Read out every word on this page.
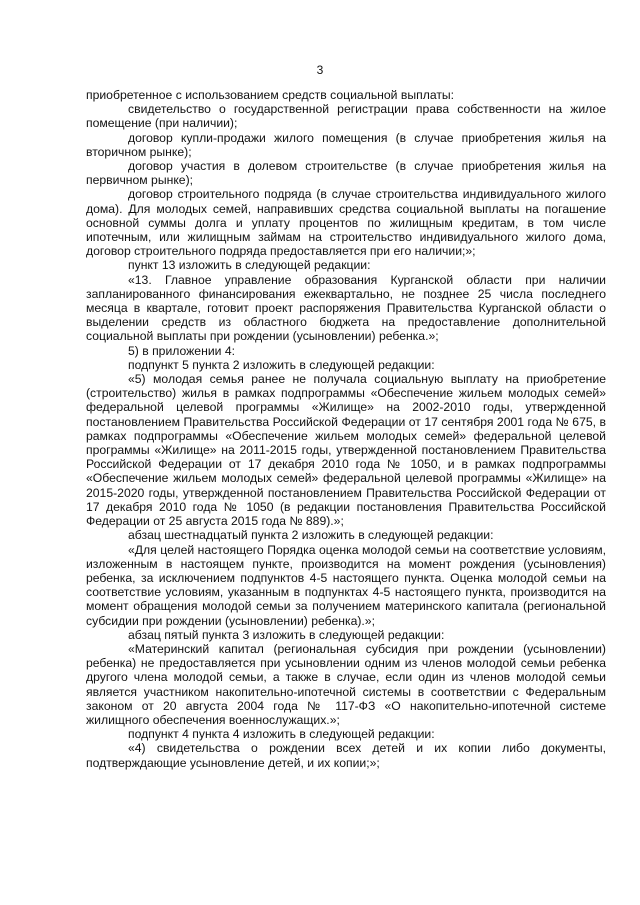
3

приобретенное с использованием средств социальной выплаты:

свидетельство о государственной регистрации права собственности на жилое помещение (при наличии);

договор купли-продажи жилого помещения (в случае приобретения жилья на вторичном рынке);

договор участия в долевом строительстве (в случае приобретения жилья на первичном рынке);

договор строительного подряда (в случае строительства индивидуального жилого дома). Для молодых семей, направивших средства социальной выплаты на погашение основной суммы долга и уплату процентов по жилищным кредитам, в том числе ипотечным, или жилищным займам на строительство индивидуального жилого дома, договор строительного подряда предоставляется при его наличии;»;

пункт 13 изложить в следующей редакции:

«13. Главное управление образования Курганской области при наличии запланированного финансирования ежеквартально, не позднее 25 числа последнего месяца в квартале, готовит проект распоряжения Правительства Курганской области о выделении средств из областного бюджета на предоставление дополнительной социальной выплаты при рождении (усыновлении) ребенка.»;

5) в приложении 4:

подпункт 5 пункта 2 изложить в следующей редакции:

«5) молодая семья ранее не получала социальную выплату на приобретение (строительство) жилья в рамках подпрограммы «Обеспечение жильем молодых семей» федеральной целевой программы «Жилище» на 2002-2010 годы, утвержденной постановлением Правительства Российской Федерации от 17 сентября 2001 года № 675, в рамках подпрограммы «Обеспечение жильем молодых семей» федеральной целевой программы «Жилище» на 2011-2015 годы, утвержденной постановлением Правительства Российской Федерации от 17 декабря 2010 года № 1050, и в рамках подпрограммы «Обеспечение жильем молодых семей» федеральной целевой программы «Жилище» на 2015-2020 годы, утвержденной постановлением Правительства Российской Федерации от 17 декабря 2010 года № 1050 (в редакции постановления Правительства Российской Федерации от 25 августа 2015 года № 889).»;

абзац шестнадцатый пункта 2 изложить в следующей редакции:

«Для целей настоящего Порядка оценка молодой семьи на соответствие условиям, изложенным в настоящем пункте, производится на момент рождения (усыновления) ребенка, за исключением подпунктов 4-5 настоящего пункта. Оценка молодой семьи на соответствие условиям, указанным в подпунктах 4-5 настоящего пункта, производится на момент обращения молодой семьи за получением материнского капитала (региональной субсидии при рождении (усыновлении) ребенка).»;

абзац пятый пункта 3 изложить в следующей редакции:

«Материнский капитал (региональная субсидия при рождении (усыновлении) ребенка) не предоставляется при усыновлении одним из членов молодой семьи ребенка другого члена молодой семьи, а также в случае, если один из членов молодой семьи является участником накопительно-ипотечной системы в соответствии с Федеральным законом от 20 августа 2004 года № 117-ФЗ «О накопительно-ипотечной системе жилищного обеспечения военнослужащих.»;

подпункт 4 пункта 4 изложить в следующей редакции:

«4) свидетельства о рождении всех детей и их копии либо документы, подтверждающие усыновление детей, и их копии;»;
